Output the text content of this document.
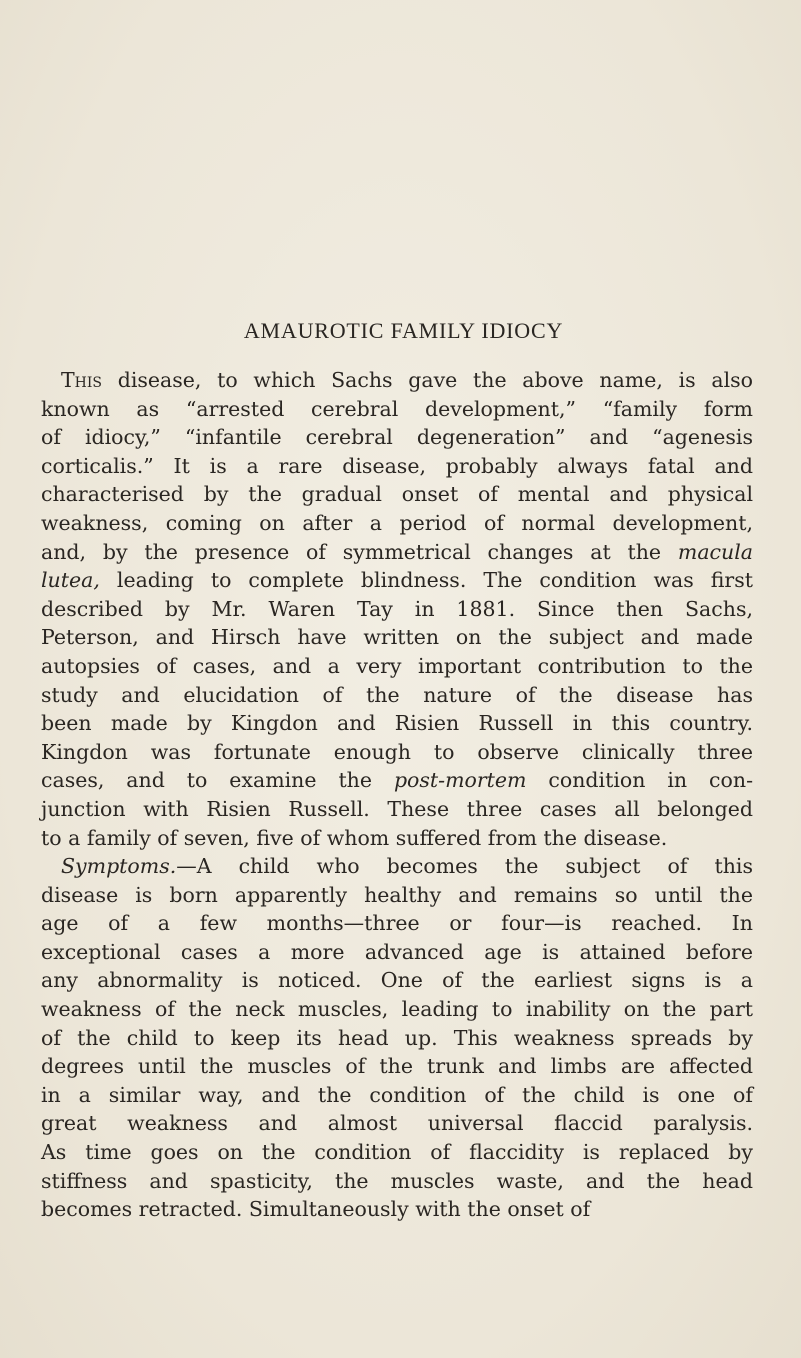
AMAUROTIC FAMILY IDIOCY
This disease, to which Sachs gave the above name, is also
known as “arrested cerebral development,” “family form
of idiocy,” “infantile cerebral degeneration” and “agenesis
corticalis.” It is a rare disease, probably always fatal and
characterised by the gradual onset of mental and physical
weakness, coming on after a period of normal development,
and, by the presence of symmetrical changes at the macula
lutea, leading to complete blindness. The condition was first
described by Mr. Waren Tay in 1881. Since then Sachs,
Peterson, and Hirsch have written on the subject and made
autopsies of cases, and a very important contribution to the
study and elucidation of the nature of the disease has
been made by Kingdon and Risien Russell in this country.
Kingdon was fortunate enough to observe clinically three
cases, and to examine the post-mortem condition in con-
junction with Risien Russell. These three cases all belonged
to a family of seven, five of whom suffered from the disease.
Symptoms.—A child who becomes the subject of this
disease is born apparently healthy and remains so until the
age of a few months—three or four—is reached. In
exceptional cases a more advanced age is attained before
any abnormality is noticed. One of the earliest signs is a
weakness of the neck muscles, leading to inability on the part
of the child to keep its head up. This weakness spreads by
degrees until the muscles of the trunk and limbs are affected
in a similar way, and the condition of the child is one of
great weakness and almost universal flaccid paralysis.
As time goes on the condition of flaccidity is replaced by
stiffness and spasticity, the muscles waste, and the head
becomes retracted. Simultaneously with the onset of
